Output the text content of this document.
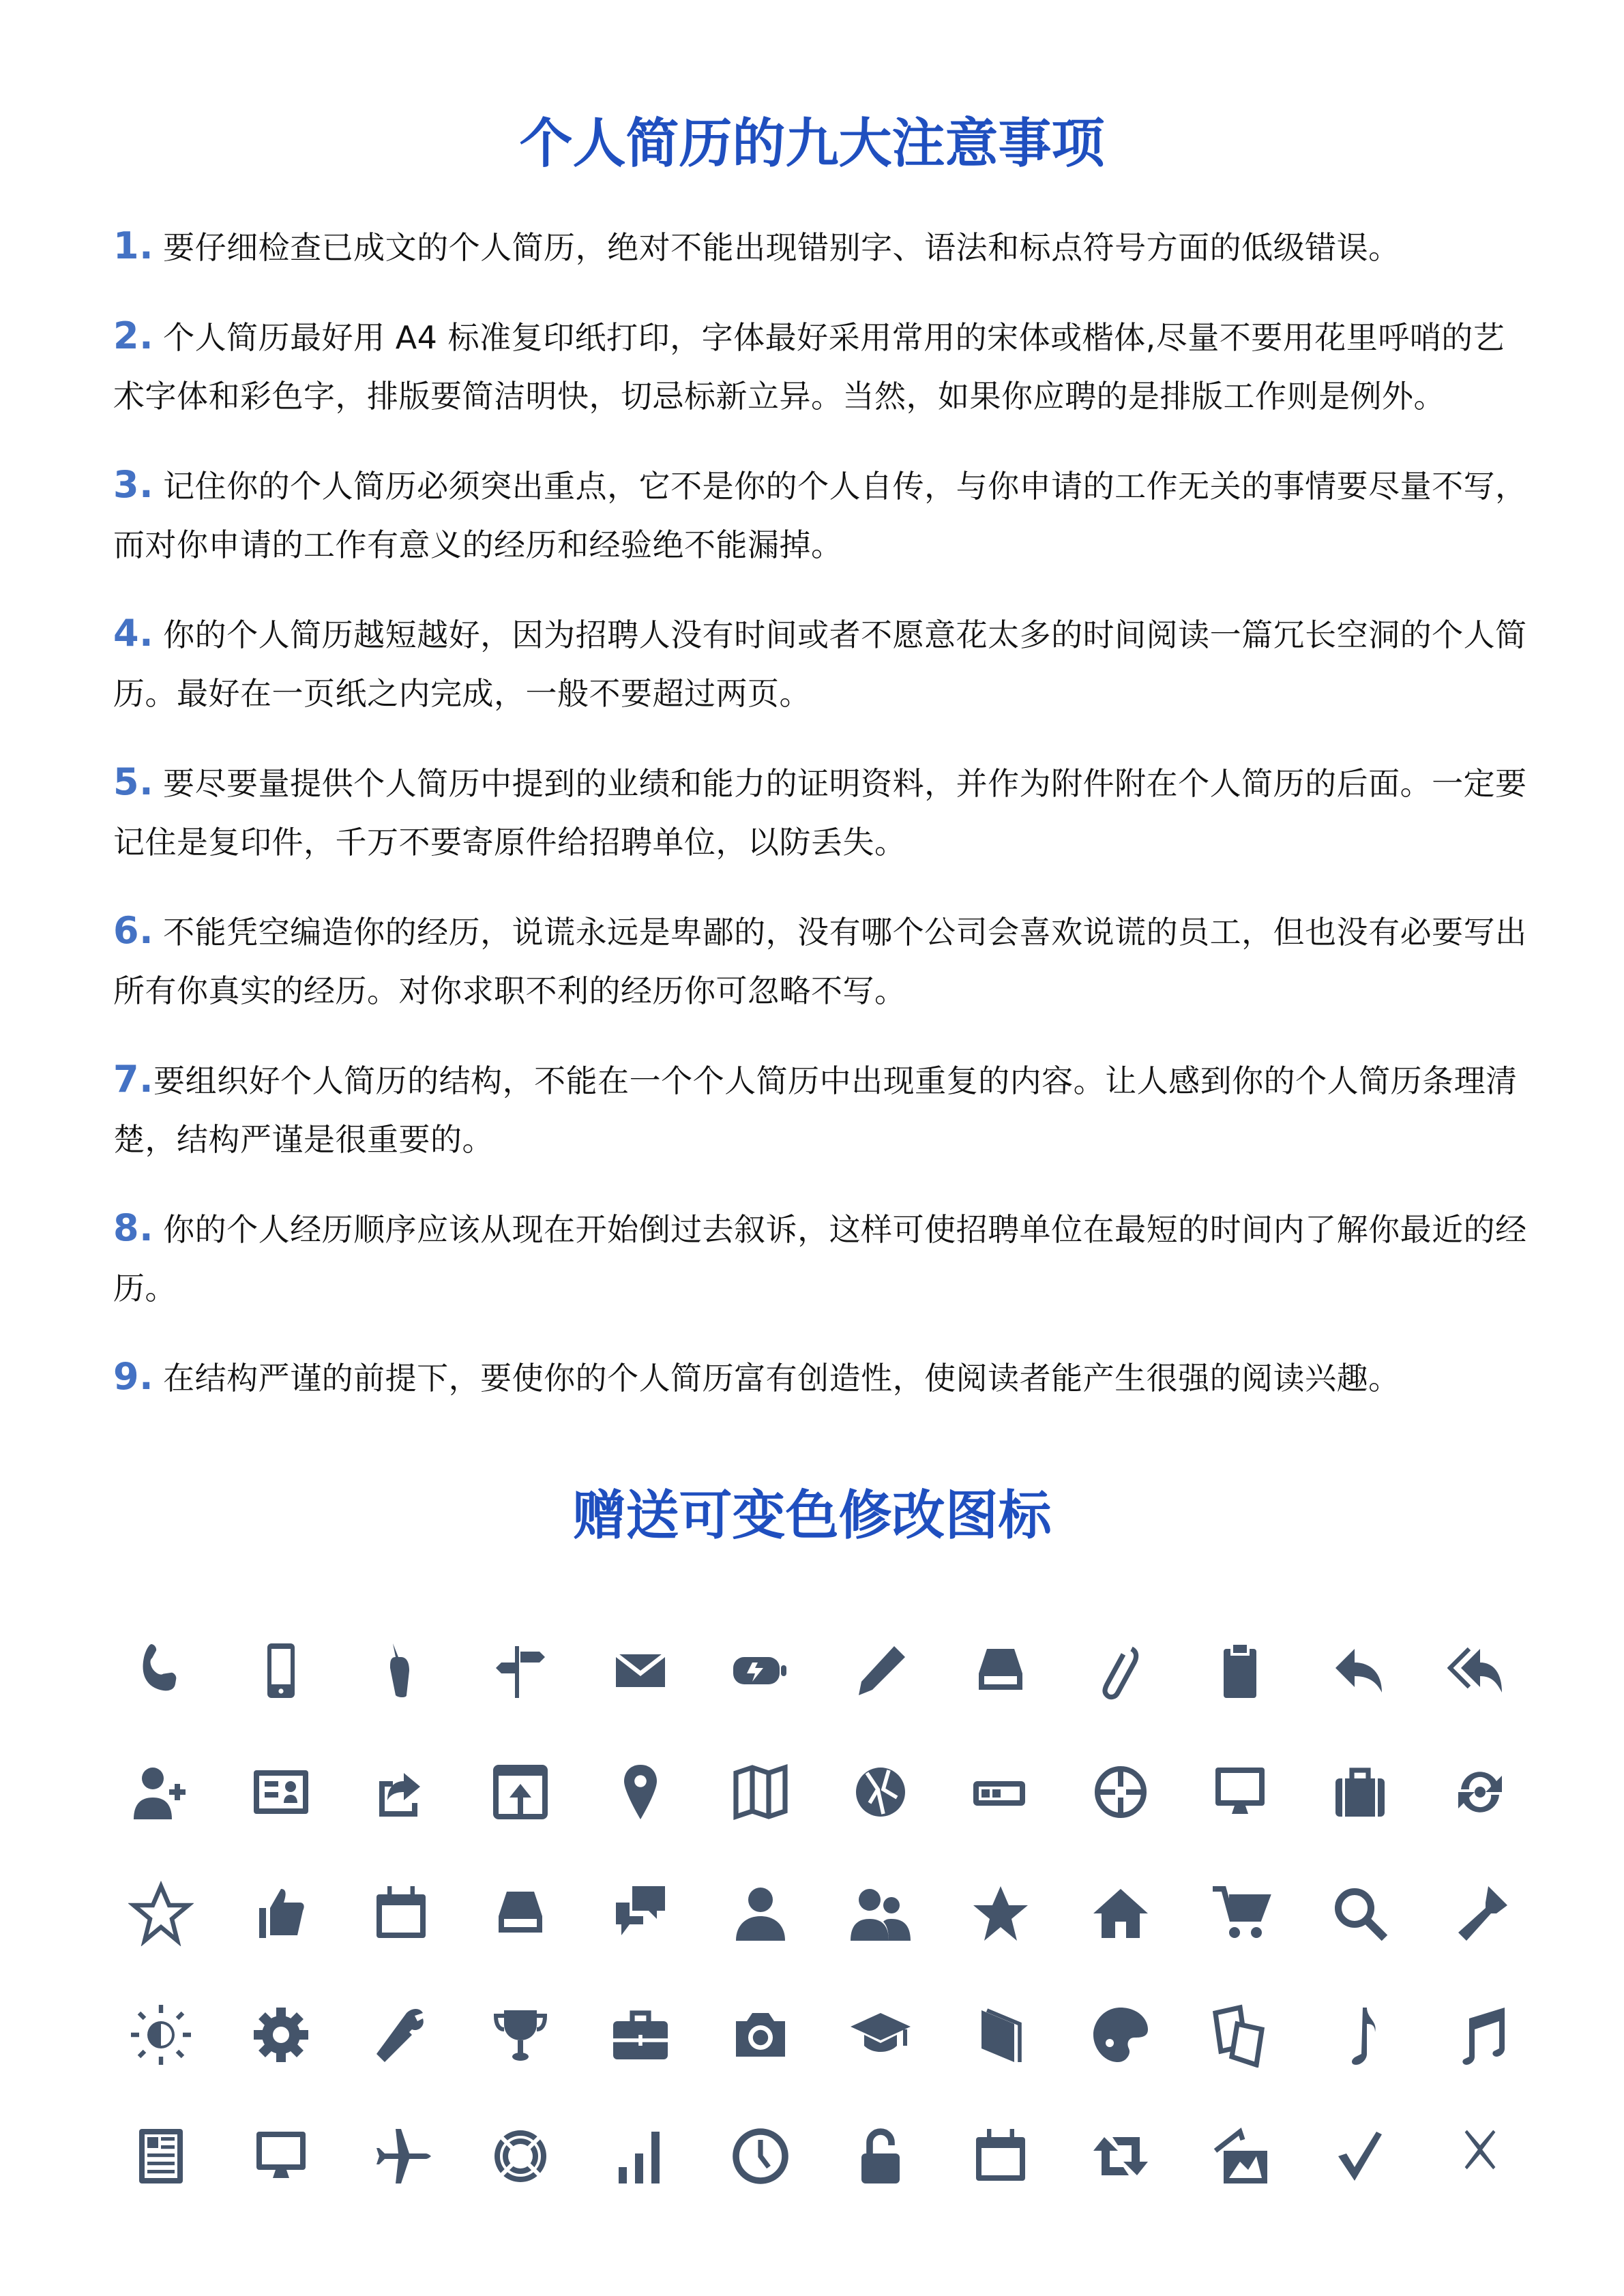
个人简历的九大注意事项
1. 要仔细检查已成文的个人简历，绝对不能出现错别字、语法和标点符号方面的低级错误。
2. 个人简历最好用 A4 标准复印纸打印，字体最好采用常用的宋体或楷体,尽量不要用花里呼哨的艺术字体和彩色字，排版要简洁明快，切忌标新立异。当然，如果你应聘的是排版工作则是例外。
3. 记住你的个人简历必须突出重点，它不是你的个人自传，与你申请的工作无关的事情要尽量不写，而对你申请的工作有意义的经历和经验绝不能漏掉。
4. 你的个人简历越短越好，因为招聘人没有时间或者不愿意花太多的时间阅读一篇冗长空洞的个人简历。最好在一页纸之内完成，一般不要超过两页。
5. 要尽要量提供个人简历中提到的业绩和能力的证明资料，并作为附件附在个人简历的后面。一定要记住是复印件，千万不要寄原件给招聘单位，以防丢失。
6. 不能凭空编造你的经历，说谎永远是卑鄙的，没有哪个公司会喜欢说谎的员工，但也没有必要写出所有你真实的经历。对你求职不利的经历你可忽略不写。
7.要组织好个人简历的结构，不能在一个个人简历中出现重复的内容。让人感到你的个人简历条理清楚，结构严谨是很重要的。
8. 你的个人经历顺序应该从现在开始倒过去叙诉，这样可使招聘单位在最短的时间内了解你最近的经历。
9. 在结构严谨的前提下，要使你的个人简历富有创造性，使阅读者能产生很强的阅读兴趣。
赠送可变色修改图标
